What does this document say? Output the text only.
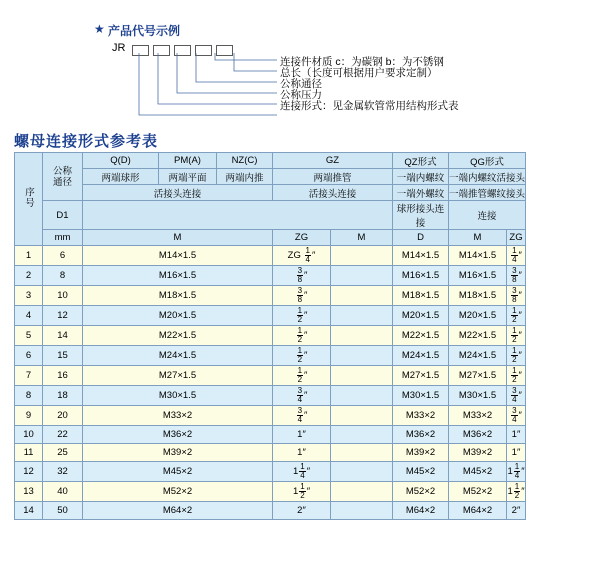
★ 产品代号示例
JR
连接件材质 c：为碳钢 b：为不锈钢
总长（长度可根据用户要求定制）
公称通径
公称压力
连接形式：见金属软管常用结构形式表
螺母连接形式参考表
序号	公称
通径	Q(D)	PM(A)	NZ(C)	GZ		QZ形式	QG形式	
		两端球形	两端平面	两端内推	两端推管		一端内螺纹	一端内螺纹活接头	
		活接头连接			活接头连接		一端外螺纹	一端推管螺纹接头	
	D1						球形接头连接	连接	
	mm	M			ZG	M	D	M	ZG
1	6	M14×1.5			ZG $\frac{1}{4}$ ″		M14×1.5	M14×1.5	$\frac{1}{4}$ ″
2	8	M16×1.5			$\frac{3}{8}$ ″		M16×1.5	M16×1.5	$\frac{3}{8}$ ″
3	10	M18×1.5			$\frac{3}{8}$ ″		M18×1.5	M18×1.5	$\frac{3}{8}$ ″
4	12	M20×1.5			$\frac{1}{2}$ ″		M20×1.5	M20×1.5	$\frac{1}{2}$ ″
5	14	M22×1.5			$\frac{1}{2}$ ″		M22×1.5	M22×1.5	$\frac{1}{2}$ ″
6	15	M24×1.5			$\frac{1}{2}$ ″		M24×1.5	M24×1.5	$\frac{1}{2}$ ″
7	16	M27×1.5			$\frac{1}{2}$ ″		M27×1.5	M27×1.5	$\frac{1}{2}$ ″
8	18	M30×1.5			$\frac{3}{4}$ ″		M30×1.5	M30×1.5	$\frac{3}{4}$ ″
9	20	M33×2			$\frac{3}{4}$ ″		M33×2	M33×2	$\frac{3}{4}$ ″
10	22	M36×2			1″		M36×2	M36×2	1″
11	25	M39×2			1″		M39×2	M39×2	1″
12	32	M45×2			$1 \frac{1}{4}$ ″		M45×2	M45×2	$1 \frac{1}{4}$ ″
13	40	M52×2			$1 \frac{1}{2}$ ″		M52×2	M52×2	$1 \frac{1}{2}$ ″
14	50	M64×2			2″		M64×2	M64×2	2″
